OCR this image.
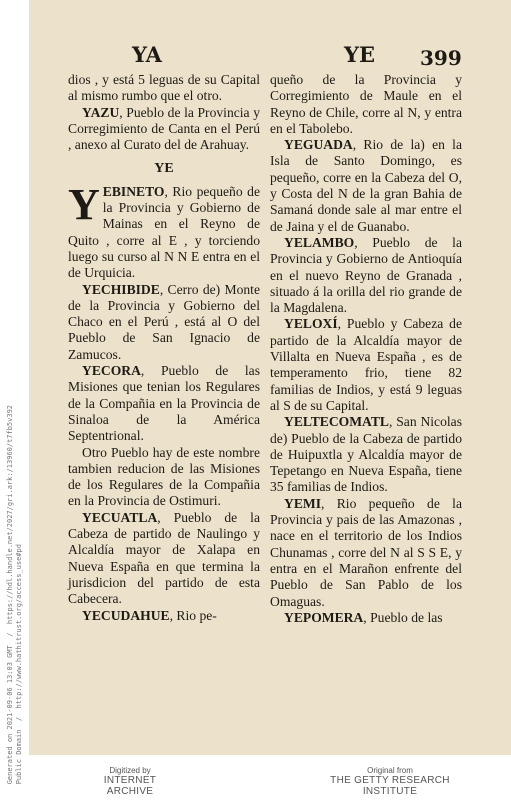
Generated on 2021-09-06 13:03 GMT  /  https://hdl.handle.net/2027/gri.ark:/13960/t7fb5v392
Public Domain  /  http://www.hathitrust.org/access_use#pd
YA	YE 399

dios , y está 5 leguas de su Capital al mismo rumbo que el otro.

YAZU, Pueblo de la Provincia y Corregimiento de Canta en el Perú , anexo al Curato del de Arahuay.

YE

YEBINETO, Rio pequeño de la Provincia y Gobierno de Mainas en el Reyno de Quito , corre al E , y torciendo luego su curso al N N E entra en el de Urquicia.

YECHIBIDE, Cerro de) Monte de la Provincia y Gobierno del Chaco en el Perú , está al O del Pueblo de San Ignacio de Zamucos.

YECORA, Pueblo de las Misiones que tenian los Regulares de la Compañia en la Provincia de Sinaloa de la América Septentrional.

Otro Pueblo hay de este nombre tambien reducion de las Misiones de los Regulares de la Compañia en la Provincia de Ostimuri.

YECUATLA, Pueblo de la Cabeza de partido de Naulingo y Alcaldía mayor de Xalapa en Nueva España en que termina la jurisdicion del partido de esta Cabecera.

YECUDAHUE, Rio pe-

queño de la Provincia y Corregimiento de Maule en el Reyno de Chile, corre al N, y entra en el Tabolebo.

YEGUADA, Rio de la) en la Isla de Santo Domingo, es pequeño, corre en la Cabeza del O, y Costa del N de la gran Bahia de Samaná donde sale al mar entre el de Jaina y el de Guanabo.

YELAMBO, Pueblo de la Provincia y Gobierno de Antioquía en el nuevo Reyno de Granada , situado á la orilla del rio grande de la Magdalena.

YELOXÍ, Pueblo y Cabeza de partido de la Alcaldía mayor de Villalta en Nueva España , es de temperamento frio, tiene 82 familias de Indios, y está 9 leguas al S de su Capital.

YELTECOMATL, San Nicolas de) Pueblo de la Cabeza de partido de Huipuxtla y Alcaldía mayor de Tepetango en Nueva España, tiene 35 familias de Indios.

YEMI, Rio pequeño de la Provincia y pais de las Amazonas , nace en el territorio de los Indios Chunamas , corre del N al S S E, y entra en el Marañon enfrente del Pueblo de San Pablo de los Omaguas.

YEPOMERA, Pueblo de las

Digitized by
INTERNET ARCHIVE
Original from
THE GETTY RESEARCH INSTITUTE
